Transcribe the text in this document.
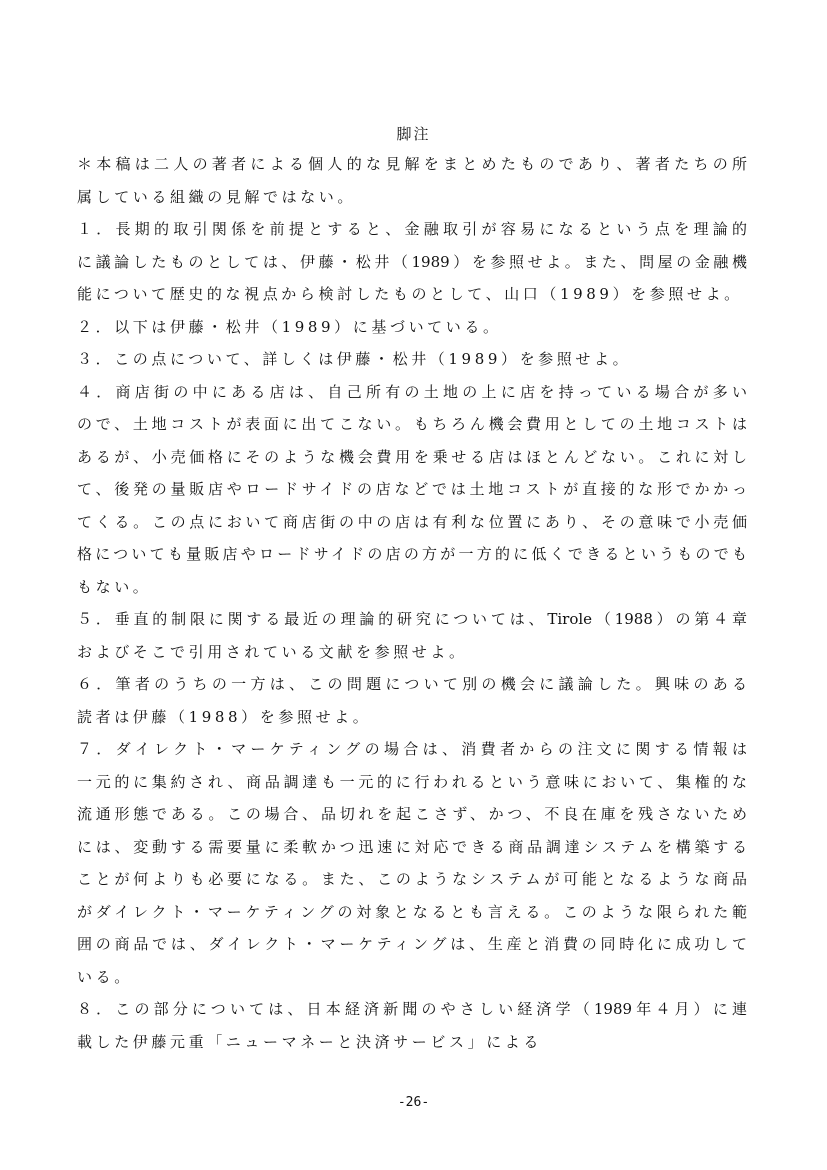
脚注
＊本稿は二人の著者による個人的な見解をまとめたものであり、著者たちの所
属している組織の見解ではない。
１．長期的取引関係を前提とすると、金融取引が容易になるという点を理論的
に議論したものとしては、伊藤・松井（1989）を参照せよ。また、問屋の金融機
能について歴史的な視点から検討したものとして、山口（1989）を参照せよ。
２．以下は伊藤・松井（1989）に基づいている。
３．この点について、詳しくは伊藤・松井（1989）を参照せよ。
４．商店街の中にある店は、自己所有の土地の上に店を持っている場合が多い
ので、土地コストが表面に出てこない。もちろん機会費用としての土地コストは
あるが、小売価格にそのような機会費用を乗せる店はほとんどない。これに対し
て、後発の量販店やロードサイドの店などでは土地コストが直接的な形でかかっ
てくる。この点において商店街の中の店は有利な位置にあり、その意味で小売価
格についても量販店やロードサイドの店の方が一方的に低くできるというものでも
もない。
５．垂直的制限に関する最近の理論的研究については、Tirole（1988）の第４章
およびそこで引用されている文献を参照せよ。
６．筆者のうちの一方は、この問題について別の機会に議論した。興味のある
読者は伊藤（1988）を参照せよ。
７．ダイレクト・マーケティングの場合は、消費者からの注文に関する情報は
一元的に集約され、商品調達も一元的に行われるという意味において、集権的な
流通形態である。この場合、品切れを起こさず、かつ、不良在庫を残さないため
には、変動する需要量に柔軟かつ迅速に対応できる商品調達システムを構築する
ことが何よりも必要になる。また、このようなシステムが可能となるような商品
がダイレクト・マーケティングの対象となるとも言える。このような限られた範
囲の商品では、ダイレクト・マーケティングは、生産と消費の同時化に成功して
いる。
８．この部分については、日本経済新聞のやさしい経済学（1989年４月）に連
載した伊藤元重「ニューマネーと決済サービス」による
-26-
